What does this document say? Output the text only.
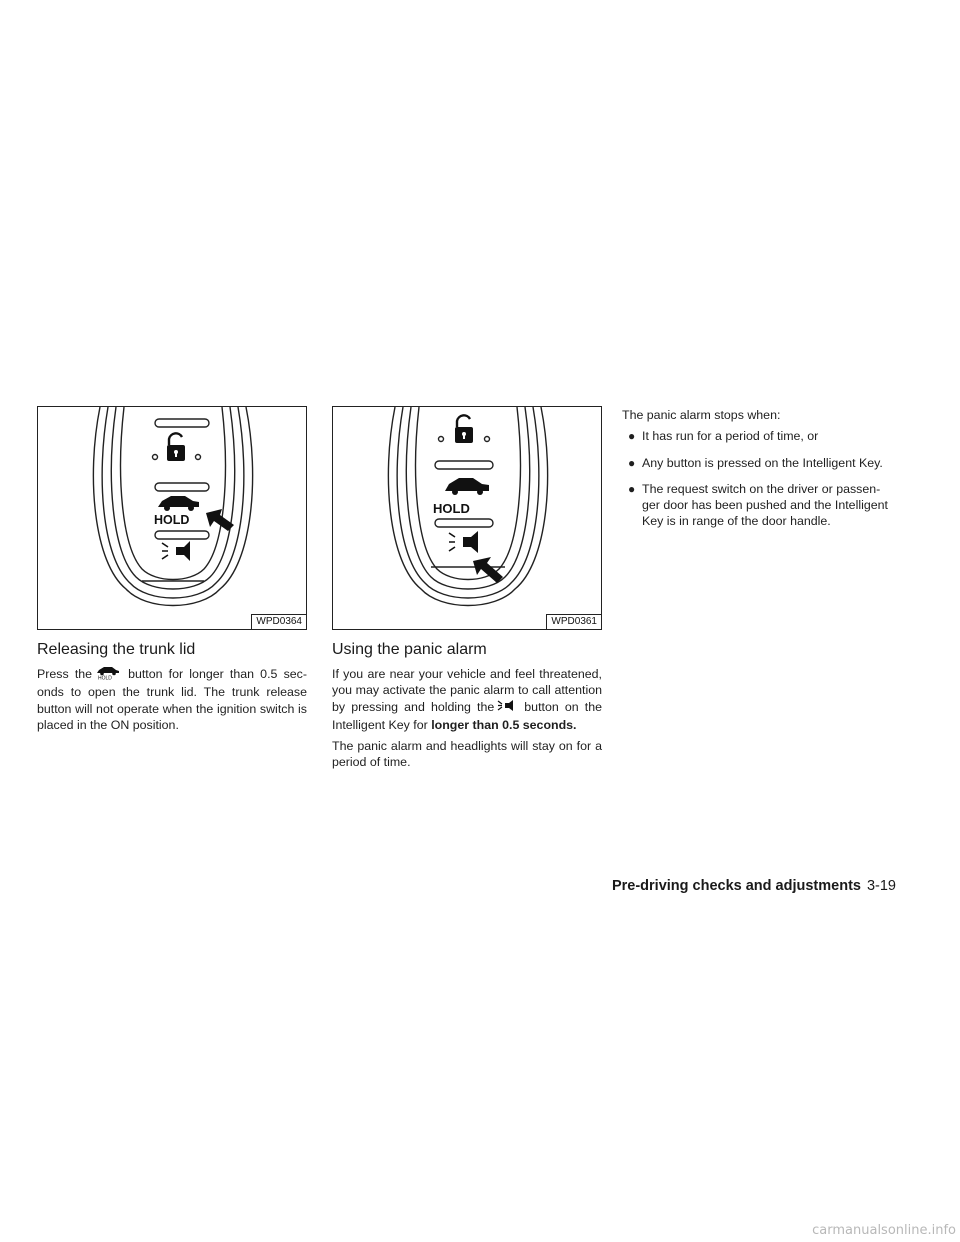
HOLD
WPD0364
HOLD
WPD0361
Releasing the trunk lid

Press the HOLD button for longer than 0.5 sec- onds to open the trunk lid. The trunk release button will not operate when the ignition switch is placed in the ON position.

Using the panic alarm

If you are near your vehicle and feel threatened, you may activate the panic alarm to call attention by pressing and holding the button on the Intelligent Key for longer than 0.5 seconds.

The panic alarm and headlights will stay on for a period of time.

The panic alarm stops when:

● It has run for a period of time, or
● Any button is pressed on the Intelligent Key.
● The request switch on the driver or passen- ger door has been pushed and the Intelligent Key is in range of the door handle.
Pre-driving checks and adjustments 3-19
carmanualsonline.info
